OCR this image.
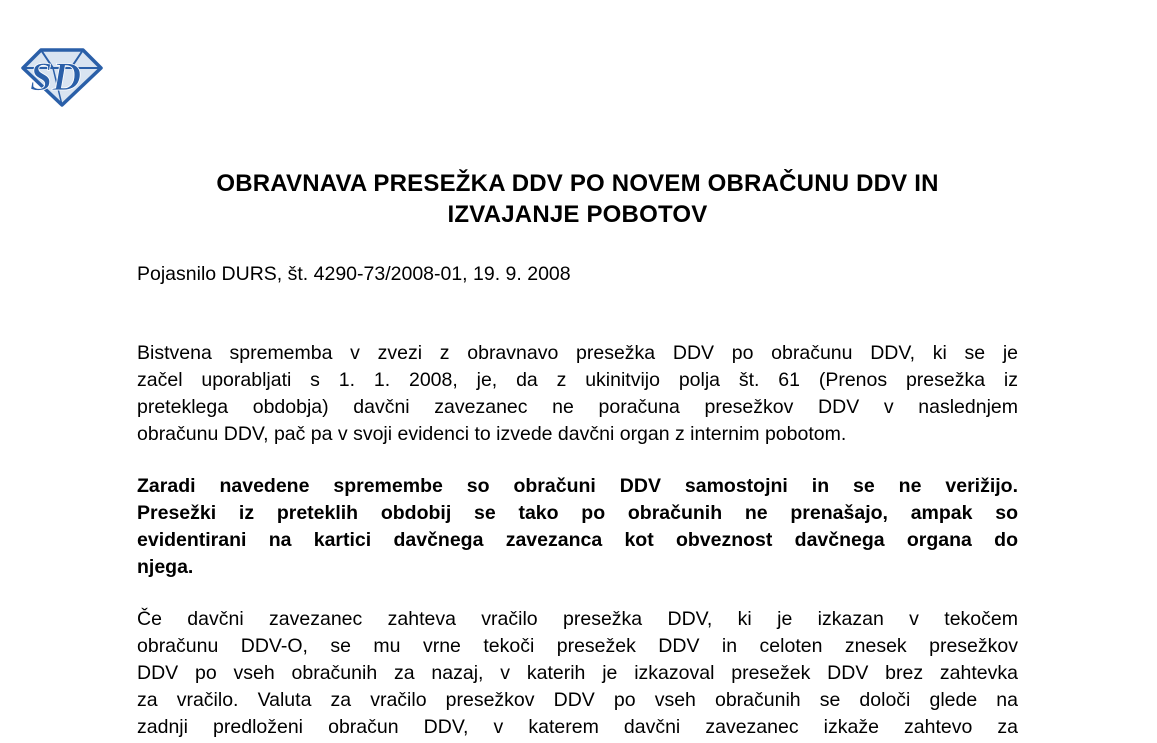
SD
OBRAVNAVA PRESEŽKA DDV PO NOVEM OBRAČUNU DDV IN
IZVAJANJE POBOTOV
Pojasnilo DURS, št. 4290-73/2008-01, 19. 9. 2008
Bistvena sprememba v zvezi z obravnavo presežka DDV po obračunu DDV, ki se je
začel uporabljati s 1. 1. 2008, je, da z ukinitvijo polja št. 61 (Prenos presežka iz
preteklega obdobja) davčni zavezanec ne poračuna presežkov DDV v naslednjem
obračunu DDV, pač pa v svoji evidenci to izvede davčni organ z internim pobotom.
Zaradi navedene spremembe so obračuni DDV samostojni in se ne verižijo.
Presežki iz preteklih obdobij se tako po obračunih ne prenašajo, ampak so
evidentirani na kartici davčnega zavezanca kot obveznost davčnega organa do
njega.
Če davčni zavezanec zahteva vračilo presežka DDV, ki je izkazan v tekočem
obračunu DDV-O, se mu vrne tekoči presežek DDV in celoten znesek presežkov
DDV po vseh obračunih za nazaj, v katerih je izkazoval presežek DDV brez zahtevka
za vračilo. Valuta za vračilo presežkov DDV po vseh obračunih se določi glede na
zadnji predloženi obračun DDV, v katerem davčni zavezanec izkaže zahtevo za
